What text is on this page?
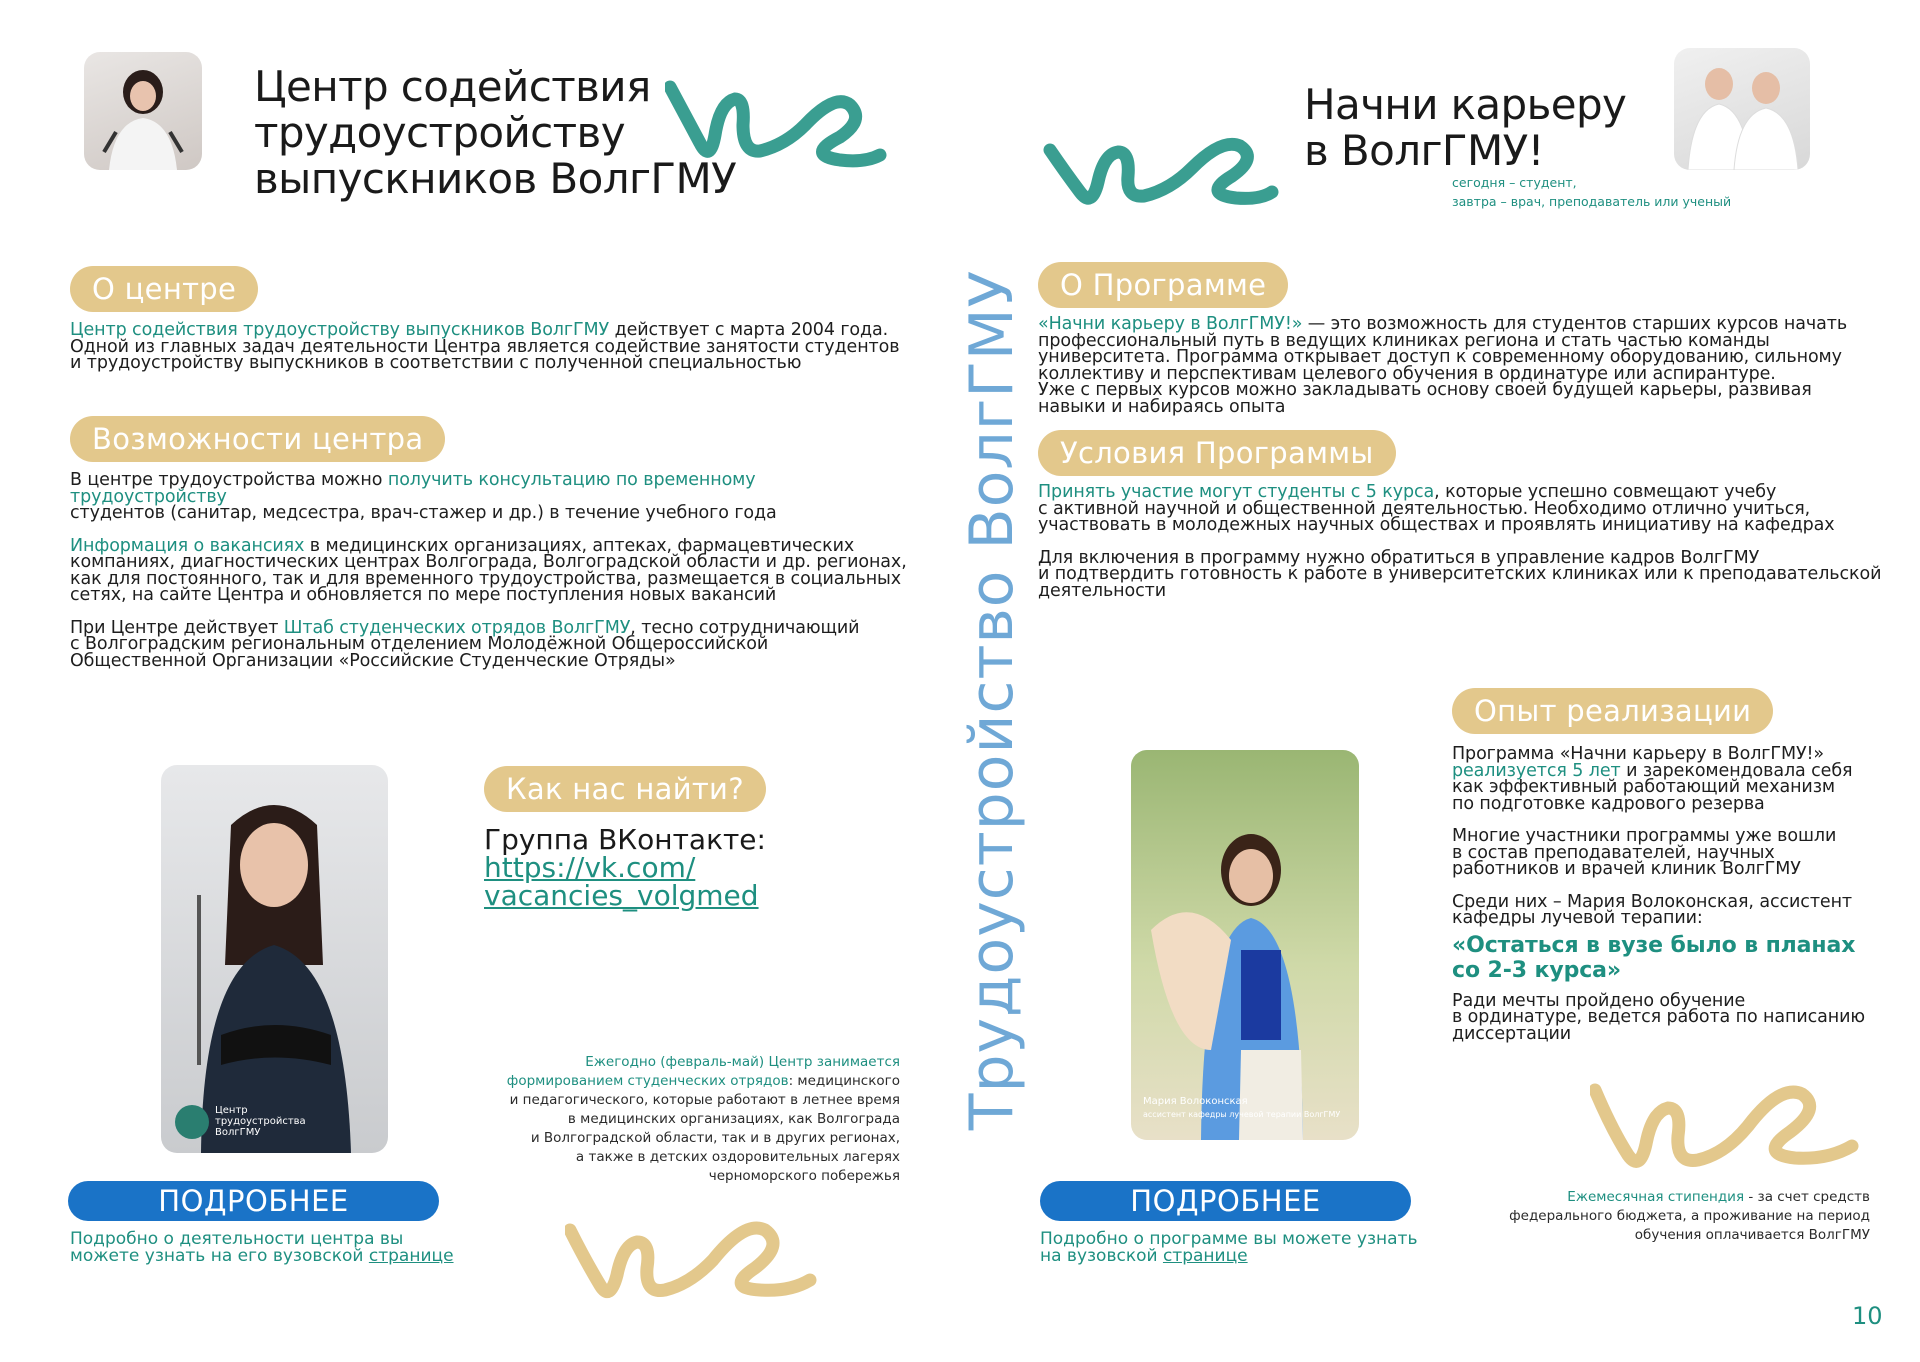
Центр содействия
трудоустройству
выпускников ВолгГМУ
О центре
Центр содействия трудоустройству выпускников ВолгГМУ действует с марта 2004 года.
Одной из главных задач деятельности Центра является содействие занятости студентов
и трудоустройству выпускников в соответствии с полученной специальностью
Возможности центра

В центре трудоустройства можно получить консультацию по временному трудоустройству
студентов (санитар, медсестра, врач-стажер и др.) в течение учебного года

Информация о вакансиях в медицинских организациях, аптеках, фармацевтических
компаниях, диагностических центрах Волгограда, Волгоградской области и др. регионах,
как для постоянного, так и для временного трудоустройства, размещается в социальных
сетях, на сайте Центра и обновляется по мере поступления новых вакансий

При Центре действует Штаб студенческих отрядов ВолгГМУ, тесно сотрудничающий
с Волгоградским региональным отделением Молодёжной Общероссийской
Общественной Организации «Российские Студенческие Отряды»

Центр трудоустройства ВолгГМУ
Как нас найти?
Группа ВКонтакте:
https://vk.com/
vacancies_volgmed
Ежегодно (февраль-май) Центр занимается
формированием студенческих отрядов: медицинского
и педагогического, которые работают в летнее время
в медицинских организациях, как Волгограда
и Волгоградской области, так и в других регионах,
а также в детских оздоровительных лагерях
черноморского побережья
ПОДРОБНЕЕ
Подробно о деятельности центра вы
можете узнать на его вузовской странице
Трудоустройство ВолгГМУ
Начни карьеру
в ВолгГМУ!
сегодня – студент,
завтра – врач, преподаватель или ученый
О Программе
«Начни карьеру в ВолгГМУ!» — это возможность для студентов старших курсов начать
профессиональный путь в ведущих клиниках региона и стать частью команды
университета. Программа открывает доступ к современному оборудованию, сильному
коллективу и перспективам целевого обучения в ординатуре или аспирантуре.
Уже с первых курсов можно закладывать основу своей будущей карьеры, развивая
навыки и набираясь опыта
Условия Программы

Принять участие могут студенты с 5 курса, которые успешно совмещают учебу
с активной научной и общественной деятельностью. Необходимо отлично учиться,
участвовать в молодежных научных обществах и проявлять инициативу на кафедрах

Для включения в программу нужно обратиться в управление кадров ВолгГМУ
и подтвердить готовность к работе в университетских клиниках или к преподавательской
деятельности

Опыт реализации

Программа «Начни карьеру в ВолгГМУ!»
реализуется 5 лет и зарекомендовала себя
как эффективный работающий механизм
по подготовке кадрового резерва

Многие участники программы уже вошли
в состав преподавателей, научных
работников и врачей клиник ВолгГМУ

Среди них – Мария Волоконская, ассистент
кафедры лучевой терапии:

«Остаться в вузе было в планах
со 2-3 курса»

Ради мечты пройдено обучение
в ординатуре, ведется работа по написанию
диссертации

Мария Волоконская
ассистент кафедры лучевой терапии ВолгГМУ
Ежемесячная стипендия - за счет средств
федерального бюджета, а проживание на период
обучения оплачивается ВолгГМУ
ПОДРОБНЕЕ
Подробно о программе вы можете узнать
на вузовской странице
10
